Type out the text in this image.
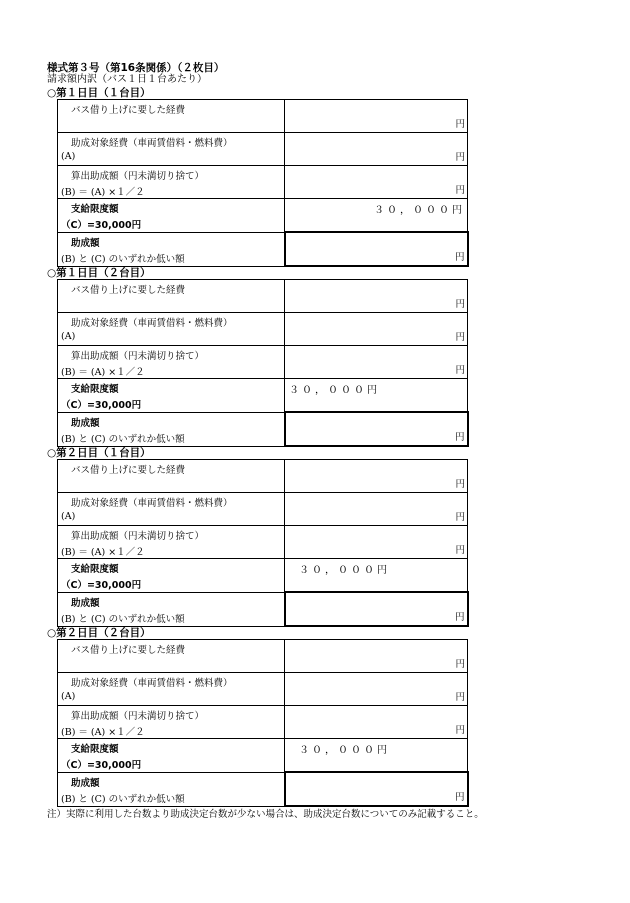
様式第３号（第16条関係）（２枚目）
請求額内訳（バス１日１台あたり）
○第１日目（１台目）
バス借り上げに要した経費	円

助成対象経費（車両賃借料・燃料費）
(A)	円

算出助成額（円未満切り捨て）
(B) ＝ (A) ×１／２	円

支給限度額
（C）=30,000円	３０，０００円

助成額
(B) と (C) のいずれか低い額	円
○第１日目（２台目）
バス借り上げに要した経費	円

助成対象経費（車両賃借料・燃料費）
(A)	円

算出助成額（円未満切り捨て）
(B) ＝ (A) ×１／２	円

支給限度額
（C）=30,000円	３０，０００円

助成額
(B) と (C) のいずれか低い額	円
○第２日目（１台目）
バス借り上げに要した経費	円

助成対象経費（車両賃借料・燃料費）
(A)	円

算出助成額（円未満切り捨て）
(B) ＝ (A) ×１／２	円

支給限度額
（C）=30,000円	３０，０００円

助成額
(B) と (C) のいずれか低い額	円
○第２日目（２台目）
バス借り上げに要した経費	円

助成対象経費（車両賃借料・燃料費）
(A)	円

算出助成額（円未満切り捨て）
(B) ＝ (A) ×１／２	円

支給限度額
（C）=30,000円	３０，０００円

助成額
(B) と (C) のいずれか低い額	円
注）実際に利用した台数より助成決定台数が少ない場合は、助成決定台数についてのみ記載すること。
